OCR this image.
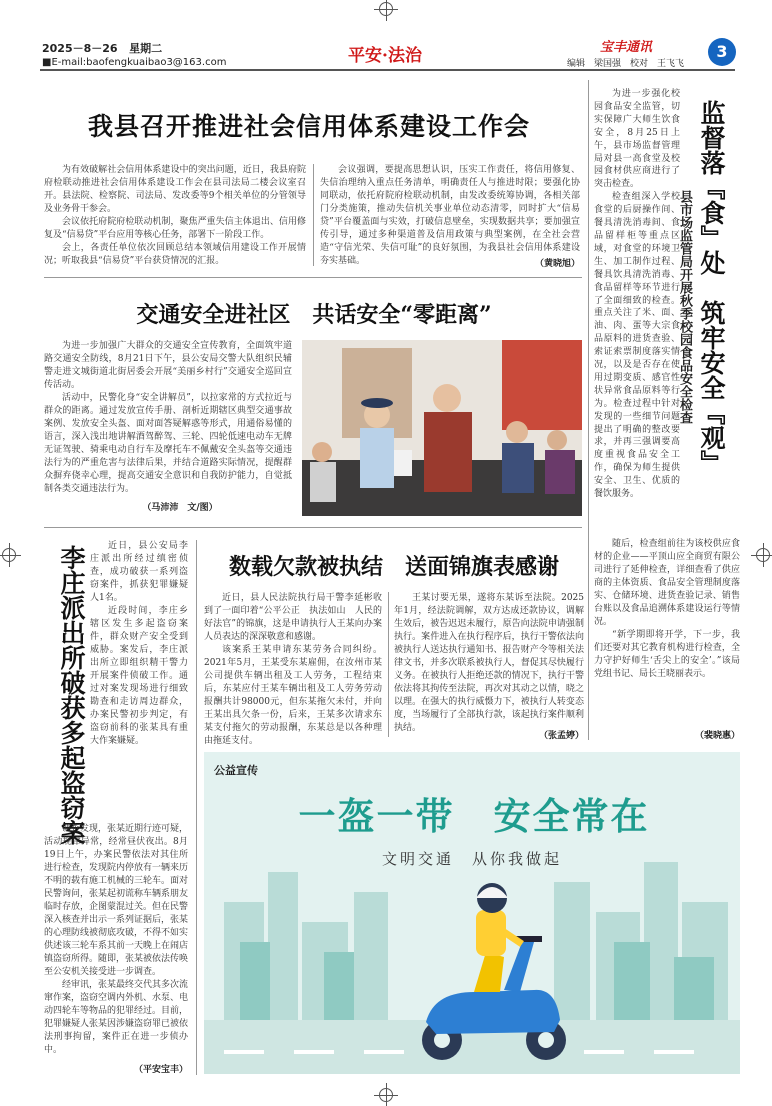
2025－8－26 星期二
■E-mail:baofengkuaibao3@163.com	平安·法治	宝丰通讯	3
编辑　梁国强　校对　王飞飞
我县召开推进社会信用体系建设工作会

为有效破解社会信用体系建设中的突出问题，近日，我县府院府检联动推进社会信用体系建设工作会在县司法局二楼会议室召开。县法院、检察院、司法局、发改委等9个相关单位的分管领导及业务骨干参会。

会议依托府院府检联动机制，聚焦严重失信主体退出、信用修复及“信易贷”平台应用等核心任务，部署下一阶段工作。

会上，各责任单位依次回顾总结本领域信用建设工作开展情况；听取我县“信易贷”平台获贷情况的汇报。

会议强调，要提高思想认识，压实工作责任，将信用修复、失信治理纳入重点任务清单，明确责任人与推进时限；要强化协同联动，依托府院府检联动机制，由发改委统筹协调，各相关部门分类施策，推动失信机关事业单位动态清零，同时扩大“信易贷”平台覆盖面与实效，打破信息壁垒，实现数据共享；要加强宣传引导，通过多种渠道普及信用政策与典型案例，在全社会营造“守信光荣、失信可耻”的良好氛围，为我县社会信用体系建设夯实基础。	（黄晓旭）
交通安全进社区　共话安全“零距离”

为进一步加强广大群众的交通安全宣传教育，全面筑牢道路交通安全防线，8月21日下午，县公安局交警大队组织民辅警走进文城街道北街居委会开展“美丽乡村行”交通安全巡回宣传活动。

活动中，民警化身“安全讲解员”，以拉家常的方式拉近与群众的距离。通过发放宣传手册、剖析近期辖区典型交通事故案例、发放安全头盔、面对面答疑解惑等形式，用通俗易懂的语言，深入浅出地讲解酒驾醉驾、三轮、四轮低速电动车无牌无证驾驶、骑乘电动自行车及摩托车不佩戴安全头盔等交通违法行为的严重危害与法律后果，并结合道路实际情况，提醒群众摒弃侥幸心理，提高交通安全意识和自我防护能力，自觉抵制各类交通违法行为。

（马沛沛　文/图）

为进一步强化校园食品安全监管，切实保障广大师生饮食安全，8月25日上午，县市场监督管理局对县一高食堂及校园食材供应商进行了突击检查。

检查组深入学校食堂的后厨操作间、餐具清洗消毒间、食品留样柜等重点区域，对食堂的环境卫生、加工制作过程、餐具饮具清洗消毒、食品留样等环节进行了全面细致的检查。重点关注了米、面、油、肉、蛋等大宗食品原料的进货查验、索证索票制度落实情况，以及是否存在使用过期变质、感官性状异常食品原料等行为。检查过程中针对发现的一些细节问题提出了明确的整改要求，并再三强调要高度重视食品安全工作，确保为师生提供安全、卫生、优质的餐饮服务。

监督落『食』处　筑牢安全『观』
县市场监管局开展秋季校园食品安全检查

随后，检查组前往为该校供应食材的企业——平顶山应全商贸有限公司进行了延伸检查，详细查看了供应商的主体资质、食品安全管理制度落实、仓储环境、进货查验记录、销售台账以及食品追溯体系建设运行等情况。

“新学期即将开学，下一步，我们还要对其它教育机构进行检查，全力守护好师生‘舌尖上的安全’。”该局党组书记、局长王晓丽表示。

（裴晓惠）
李庄派出所破获多起盗窃案	近日，县公安局李庄派出所经过缜密侦查，成功破获一系列盗窃案件，抓获犯罪嫌疑人1名。

近段时间，李庄乡辖区发生多起盗窃案件，群众财产安全受到威胁。案发后，李庄派出所立即组织精干警力开展案件侦破工作。通过对案发现场进行细致勘查和走访周边群众，办案民警初步判定，有盗窃前科的张某具有重大作案嫌疑。

调查发现，张某近期行迹可疑，活动规律异常，经常昼伏夜出。8月19日上午，办案民警依法对其住所进行检查，发现院内停放有一辆来历不明的载有施工机械的三轮车。面对民警询问，张某起初谎称车辆系朋友临时存放，企图蒙混过关。但在民警深入核查并出示一系列证据后，张某的心理防线被彻底攻破，不得不如实供述该三轮车系其前一天晚上在闹店镇盗窃所得。随即，张某被依法传唤至公安机关接受进一步调查。

经审讯，张某最终交代其多次流窜作案，盗窃空调内外机、水泵、电动四轮车等物品的犯罪经过。目前，犯罪嫌疑人张某因涉嫌盗窃罪已被依法刑事拘留，案件正在进一步侦办中。

（平安宝丰）
数载欠款被执结　送面锦旗表感谢

近日，县人民法院执行局干警李延彬收到了一面印着“公平公正　执法如山　人民的好法官”的锦旗，这是申请执行人王某向办案人员表达的深深敬意和感谢。

该案系王某申请东某劳务合同纠纷。2021年5月，王某受东某雇佣，在汝州市某公司提供车辆出租及工人劳务，工程结束后，东某应付王某车辆出租及工人劳务劳动报酬共计98000元，但东某拖欠未付，并向王某出具欠条一份，后来，王某多次请求东某支付拖欠的劳动报酬，东某总是以各种理由拖延支付。

王某讨要无果，遂将东某诉至法院。2025年1月，经法院调解，双方达成还款协议，调解生效后，被告迟迟未履行，原告向法院申请强制执行。案件进入在执行程序后，执行干警依法向被执行人送达执行通知书、报告财产令等相关法律文书，并多次联系被执行人，督促其尽快履行义务。在被执行人拒绝还款的情况下，执行干警依法将其拘传至法院，再次对其动之以情，晓之以理。在强大的执行威慑力下，被执行人转变态度，当场履行了全部执行款，该起执行案件顺利执结。

（张孟婷）
公益宣传
一盔一带　安全常在
文明交通　从你我做起
